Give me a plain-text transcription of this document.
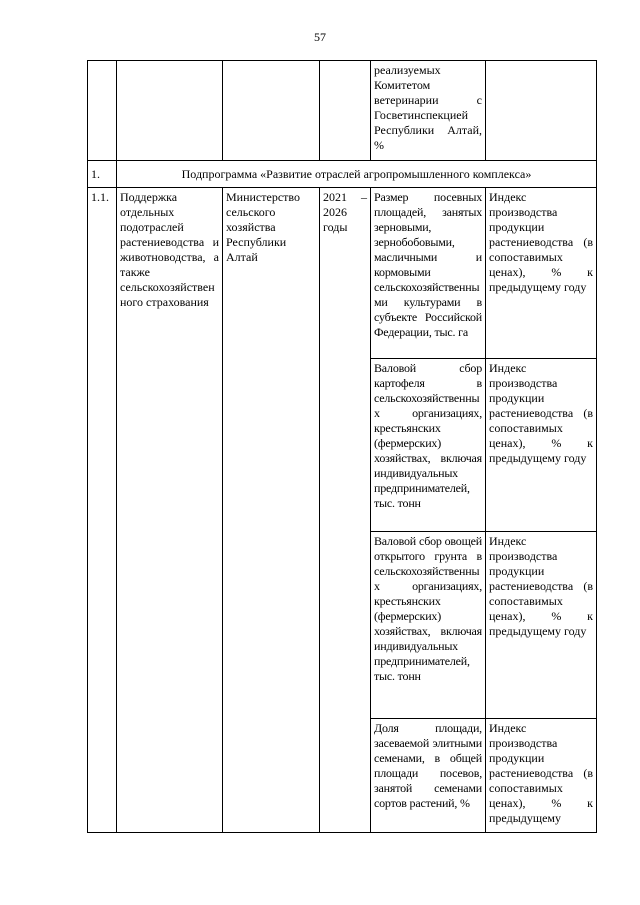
57
				реализуемых Комитетом ветеринарии с Госветинспекцией Республики Алтай, %	
1.	Подпрограмма «Развитие отраслей агропромышленного комплекса»				
1.1.	Поддержка отдельных подотраслей растениеводства и животноводства, а также сельскохозяйственного страхования	Министерство сельского хозяйства Республики Алтай	2021 – 2026 годы	Размер посевных площадей, занятых зерновыми, зернобобовыми, масличными и кормовыми сельскохозяйственными культурами в субъекте Российской Федерации, тыс. га	Индекс производства продукции растениеводства (в сопоставимых ценах), % к предыдущему году
				Валовой сбор картофеля в сельскохозяйственных организациях, крестьянских (фермерских) хозяйствах, включая индивидуальных предпринимателей, тыс. тонн	Индекс производства продукции растениеводства (в сопоставимых ценах), % к предыдущему году
				Валовой сбор овощей открытого грунта в сельскохозяйственных организациях, крестьянских (фермерских) хозяйствах, включая индивидуальных предпринимателей, тыс. тонн	Индекс производства продукции растениеводства (в сопоставимых ценах), % к предыдущему году
				Доля площади, засеваемой элитными семенами, в общей площади посевов, занятой семенами сортов растений, %	Индекс производства продукции растениеводства (в сопоставимых ценах), % к предыдущему
